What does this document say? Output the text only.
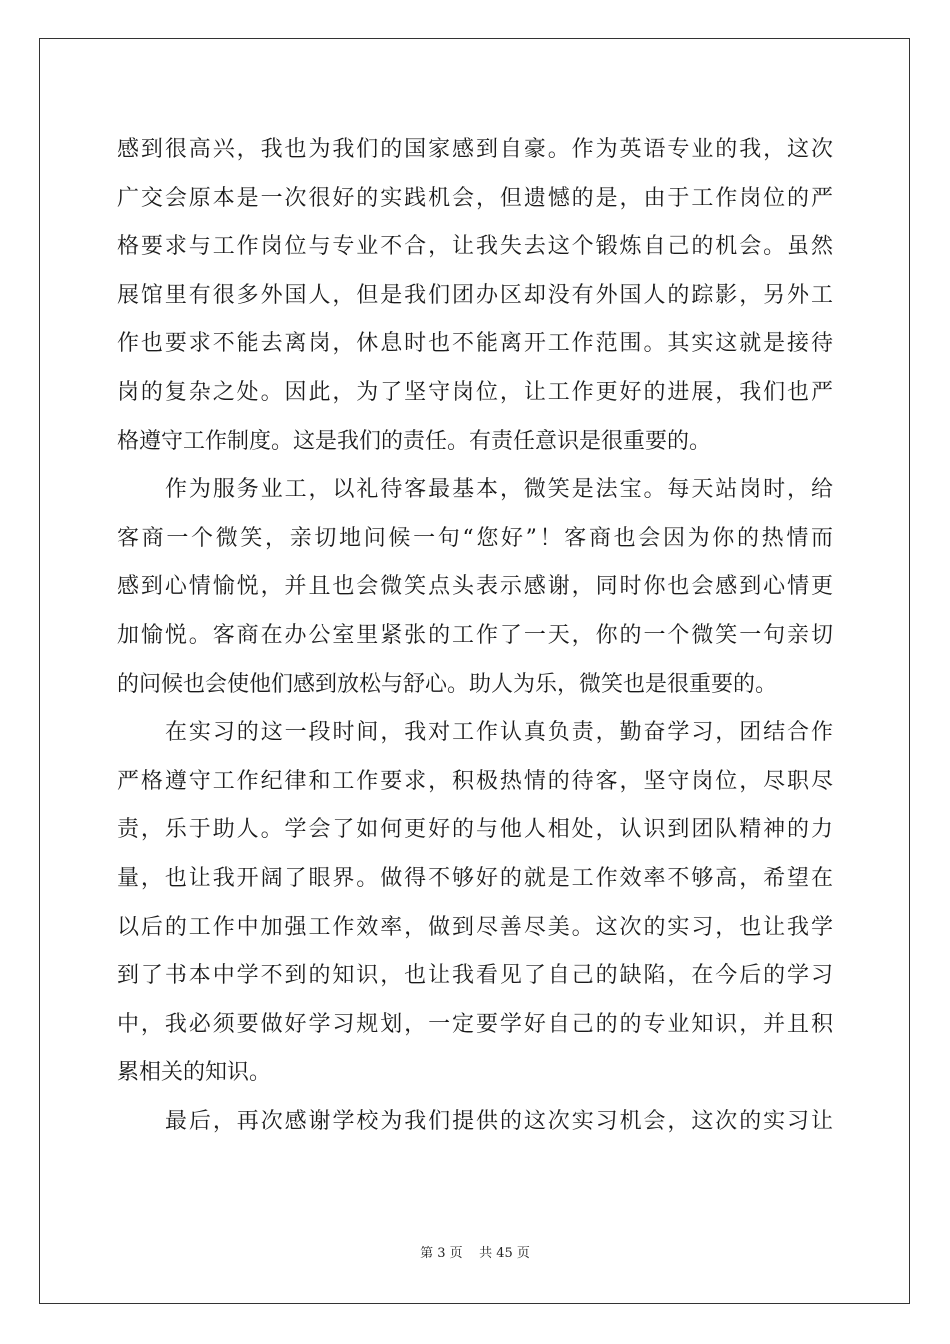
感到很高兴，我也为我们的国家感到自豪。作为英语专业的我，这次
广交会原本是一次很好的实践机会，但遗憾的是，由于工作岗位的严
格要求与工作岗位与专业不合，让我失去这个锻炼自己的机会。虽然
展馆里有很多外国人，但是我们团办区却没有外国人的踪影，另外工
作也要求不能去离岗，休息时也不能离开工作范围。其实这就是接待
岗的复杂之处。因此，为了坚守岗位，让工作更好的进展，我们也严
格遵守工作制度。这是我们的责任。有责任意识是很重要的。
作为服务业工，以礼待客最基本，微笑是法宝。每天站岗时，给
客商一个微笑，亲切地问候一句“您好”！客商也会因为你的热情而
感到心情愉悦，并且也会微笑点头表示感谢，同时你也会感到心情更
加愉悦。客商在办公室里紧张的工作了一天，你的一个微笑一句亲切
的问候也会使他们感到放松与舒心。助人为乐，微笑也是很重要的。
在实习的这一段时间，我对工作认真负责，勤奋学习，团结合作
严格遵守工作纪律和工作要求，积极热情的待客，坚守岗位，尽职尽
责，乐于助人。学会了如何更好的与他人相处，认识到团队精神的力
量，也让我开阔了眼界。做得不够好的就是工作效率不够高，希望在
以后的工作中加强工作效率，做到尽善尽美。这次的实习，也让我学
到了书本中学不到的知识，也让我看见了自己的缺陷，在今后的学习
中，我必须要做好学习规划，一定要学好自己的的专业知识，并且积
累相关的知识。
最后，再次感谢学校为我们提供的这次实习机会，这次的实习让
第 3 页    共 45 页
